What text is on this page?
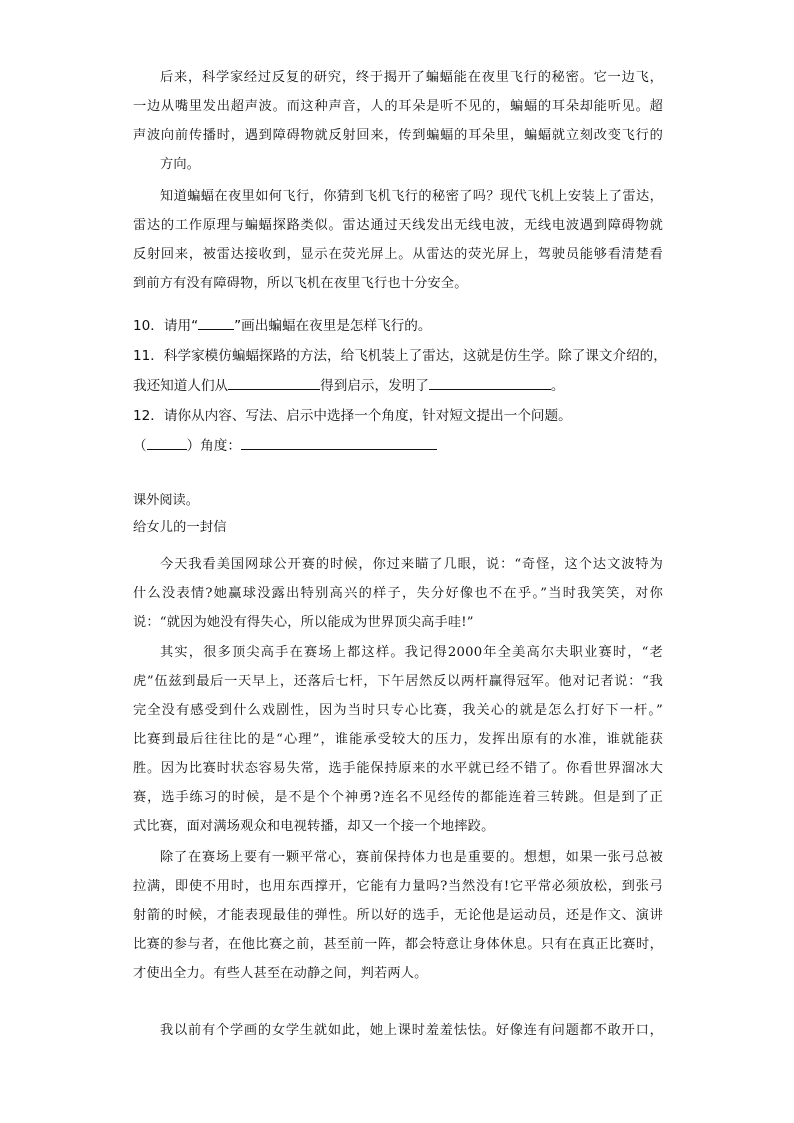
后来，科学家经过反复的研究，终于揭开了蝙蝠能在夜里飞行的秘密。它一边飞，
一边从嘴里发出超声波。而这种声音，人的耳朵是听不见的，蝙蝠的耳朵却能听见。超
声波向前传播时，遇到障碍物就反射回来，传到蝙蝠的耳朵里，蝙蝠就立刻改变飞行的
方向。
知道蝙蝠在夜里如何飞行，你猜到飞机飞行的秘密了吗？现代飞机上安装上了雷达，
雷达的工作原理与蝙蝠探路类似。雷达通过天线发出无线电波，无线电波遇到障碍物就
反射回来，被雷达接收到，显示在荧光屏上。从雷达的荧光屏上，驾驶员能够看清楚看
到前方有没有障碍物，所以飞机在夜里飞行也十分安全。
10．请用“	”画出蝙蝠在夜里是怎样飞行的。
11．科学家模仿蝙蝠探路的方法，给飞机装上了雷达，这就是仿生学。除了课文介绍的，
我还知道人们从	得到启示，发明了	。
12．请你从内容、写法、启示中选择一个角度，针对短文提出一个问题。
（	）角度：
课外阅读。
给女儿的一封信
今天我看美国网球公开赛的时候，你过来瞄了几眼，说：“奇怪，这个达文波特为
什么没表情?她赢球没露出特别高兴的样子，失分好像也不在乎。”当时我笑笑，对你
说：“就因为她没有得失心，所以能成为世界顶尖高手哇!”
其实，很多顶尖高手在赛场上都这样。我记得2000年全美高尔夫职业赛时，“老
虎”伍兹到最后一天早上，还落后七杆，下午居然反以两杆赢得冠军。他对记者说：“我
完全没有感受到什么戏剧性，因为当时只专心比赛，我关心的就是怎么打好下一杆。”
比赛到最后往往比的是“心理”，谁能承受较大的压力，发挥出原有的水准，谁就能获
胜。因为比赛时状态容易失常，选手能保持原来的水平就已经不错了。你看世界溜冰大
赛，选手练习的时候，是不是个个神勇?连名不见经传的都能连着三转跳。但是到了正
式比赛，面对满场观众和电视转播，却又一个接一个地摔跤。
除了在赛场上要有一颗平常心，赛前保持体力也是重要的。想想，如果一张弓总被
拉满，即使不用时，也用东西撑开，它能有力量吗?当然没有!它平常必须放松，到张弓
射箭的时候，才能表现最佳的弹性。所以好的选手，无论他是运动员，还是作文、演讲
比赛的参与者，在他比赛之前，甚至前一阵，都会特意让身体休息。只有在真正比赛时，
才使出全力。有些人甚至在动静之间，判若两人。
我以前有个学画的女学生就如此，她上课时羞羞怯怯。好像连有问题都不敢开口，
